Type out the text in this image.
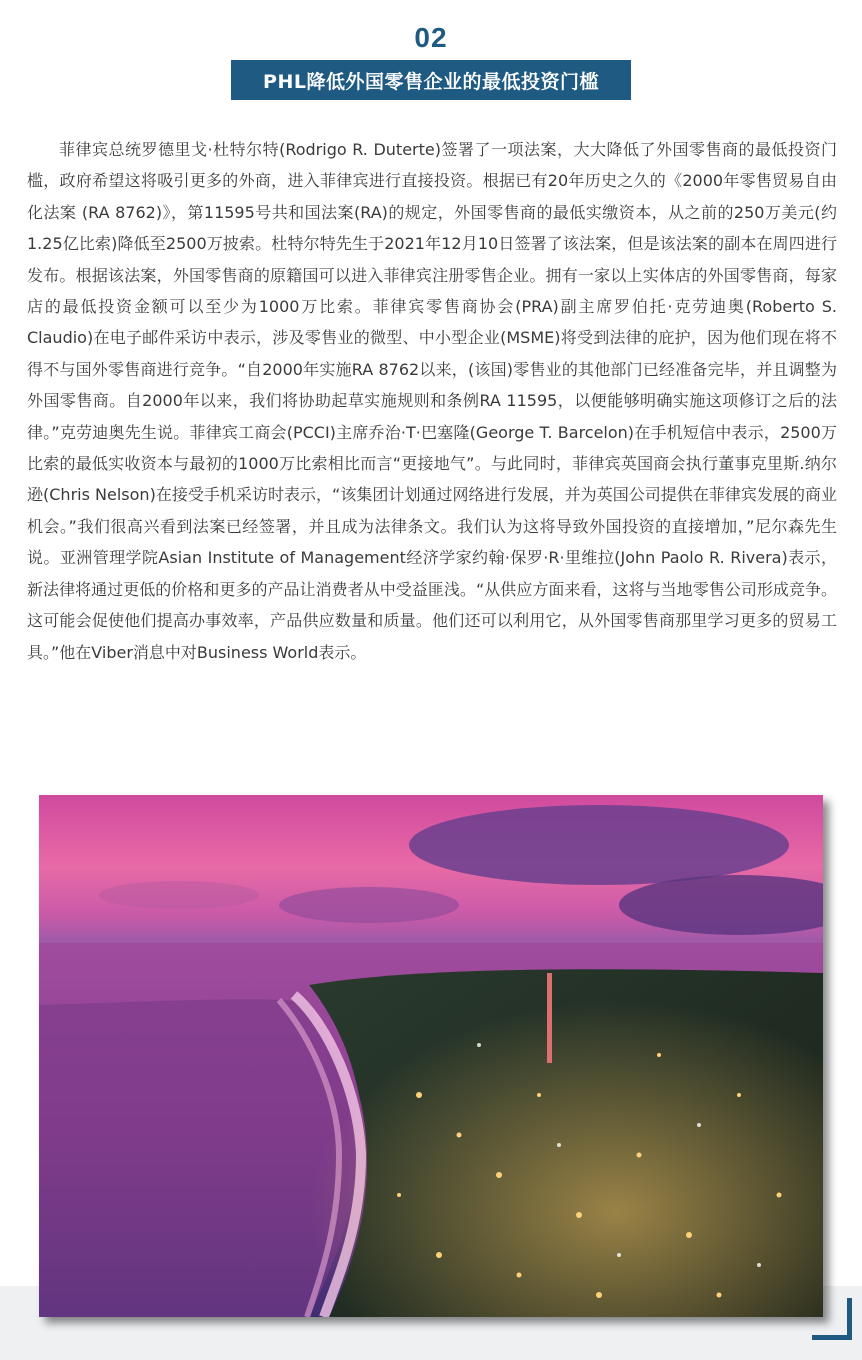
02
PHL降低外国零售企业的最低投资门槛

菲律宾总统罗德里戈·杜特尔特(Rodrigo R. Duterte)签署了一项法案，大大降低了外国零售商的最低投资门槛，政府希望这将吸引更多的外商，进入菲律宾进行直接投资。根据已有20年历史之久的《2000年零售贸易自由化法案 (RA 8762)》，第11595号共和国法案(RA)的规定，外国零售商的最低实缴资本，从之前的250万美元(约1.25亿比索)降低至2500万披索。杜特尔特先生于2021年12月10日签署了该法案，但是该法案的副本在周四进行发布。根据该法案，外国零售商的原籍国可以进入菲律宾注册零售企业。拥有一家以上实体店的外国零售商，每家店的最低投资金额可以至少为1000万比索。菲律宾零售商协会(PRA)副主席罗伯托·克劳迪奥(Roberto S. Claudio)在电子邮件采访中表示，涉及零售业的微型、中小型企业(MSME)将受到法律的庇护，因为他们现在将不得不与国外零售商进行竞争。“自2000年实施RA 8762以来，(该国)零售业的其他部门已经准备完毕，并且调整为外国零售商。自2000年以来，我们将协助起草实施规则和条例RA 11595，以便能够明确实施这项修订之后的法律。”克劳迪奥先生说。菲律宾工商会(PCCI)主席乔治·T·巴塞隆(George T. Barcelon)在手机短信中表示，2500万比索的最低实收资本与最初的1000万比索相比而言“更接地气”。与此同时，菲律宾英国商会执行董事克里斯.纳尔逊(Chris Nelson)在接受手机采访时表示，“该集团计划通过网络进行发展，并为英国公司提供在菲律宾发展的商业机会。”我们很高兴看到法案已经签署，并且成为法律条文。我们认为这将导致外国投资的直接增加，”尼尔森先生说。亚洲管理学院Asian Institute of Management经济学家约翰·保罗·R·里维拉(John Paolo R. Rivera)表示，新法律将通过更低的价格和更多的产品让消费者从中受益匪浅。“从供应方面来看，这将与当地零售公司形成竞争。这可能会促使他们提高办事效率，产品供应数量和质量。他们还可以利用它，从外国零售商那里学习更多的贸易工具。”他在Viber消息中对Business World表示。
